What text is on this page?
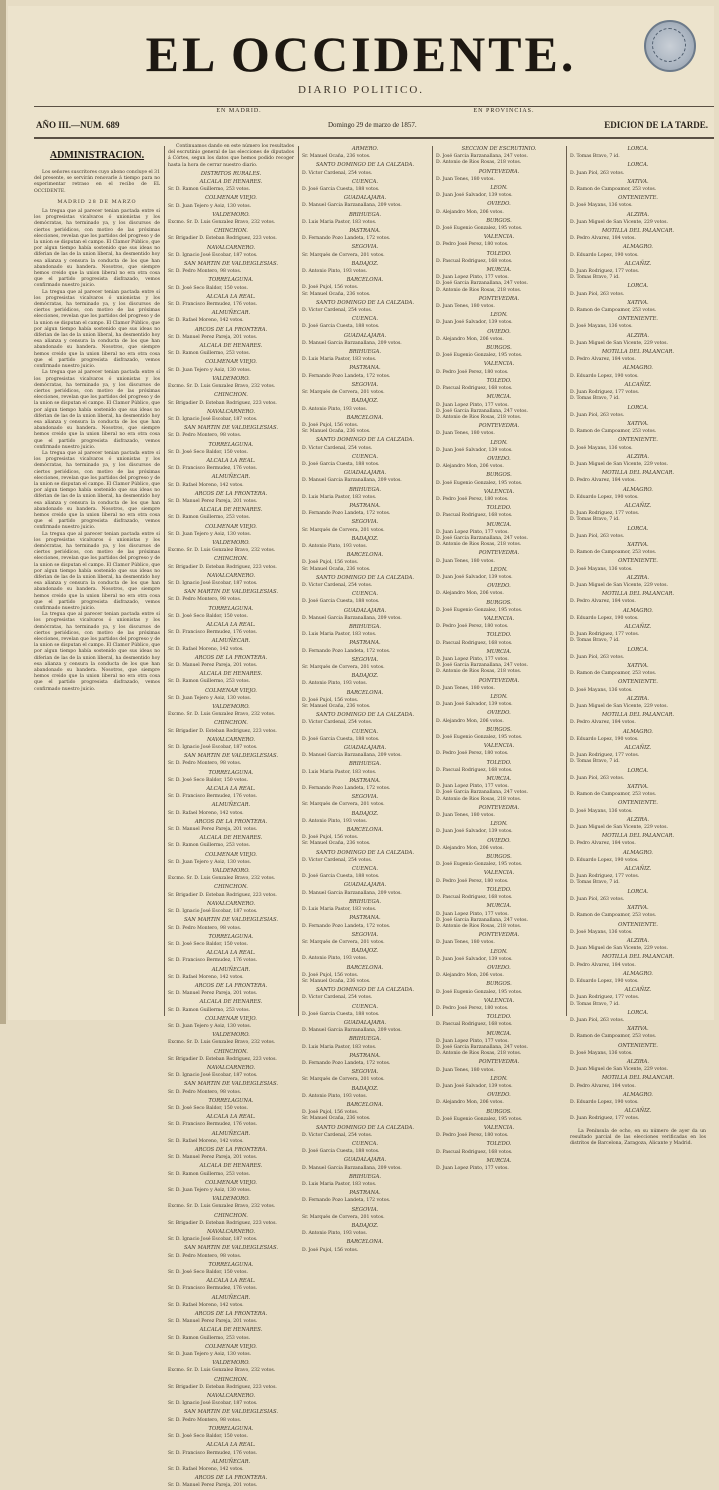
EL OCCIDENTE.
DIARIO POLITICO.
AÑO III.—NUM. 689
EN MADRID.	EN PROVINCIAS.
Domingo 29 de marzo de 1857.	EDICION DE LA TARDE.
ADMINISTRACION.

Los señores suscritores cuyo abono concluye el 31 del presente, se servirán renovarle á tiempo para no experimentar retraso en el recibo de EL OCCIDENTE.

MADRID 28 DE MARZO

La tregua que al parecer tenian pactada entre sí los progresistas vicalvaros ó unionistas y los demócratas, ha terminado ya, y los discursos de ciertos periódicos, con motivo de las próximas elecciones, revelan que los partidos del progreso y de la union se disputan el campo. El Clamor Público, que por algun tiempo había sostenido que sus ideas no diferian de las de la union liberal, ha desmentido hoy esa alianza y censura la conducta de los que han abandonado su bandera. Nosotros, que siempre hemos creido que la union liberal no era otra cosa que el partido progresista disfrazado, vemos confirmado nuestro juicio.

La tregua que al parecer tenian pactada entre sí los progresistas vicalvaros ó unionistas y los demócratas, ha terminado ya, y los discursos de ciertos periódicos, con motivo de las próximas elecciones, revelan que los partidos del progreso y de la union se disputan el campo. El Clamor Público, que por algun tiempo había sostenido que sus ideas no diferian de las de la union liberal, ha desmentido hoy esa alianza y censura la conducta de los que han abandonado su bandera. Nosotros, que siempre hemos creido que la union liberal no era otra cosa que el partido progresista disfrazado, vemos confirmado nuestro juicio.

La tregua que al parecer tenian pactada entre sí los progresistas vicalvaros ó unionistas y los demócratas, ha terminado ya, y los discursos de ciertos periódicos, con motivo de las próximas elecciones, revelan que los partidos del progreso y de la union se disputan el campo. El Clamor Público, que por algun tiempo había sostenido que sus ideas no diferian de las de la union liberal, ha desmentido hoy esa alianza y censura la conducta de los que han abandonado su bandera. Nosotros, que siempre hemos creido que la union liberal no era otra cosa que el partido progresista disfrazado, vemos confirmado nuestro juicio.

La tregua que al parecer tenian pactada entre sí los progresistas vicalvaros ó unionistas y los demócratas, ha terminado ya, y los discursos de ciertos periódicos, con motivo de las próximas elecciones, revelan que los partidos del progreso y de la union se disputan el campo. El Clamor Público, que por algun tiempo había sostenido que sus ideas no diferian de las de la union liberal, ha desmentido hoy esa alianza y censura la conducta de los que han abandonado su bandera. Nosotros, que siempre hemos creido que la union liberal no era otra cosa que el partido progresista disfrazado, vemos confirmado nuestro juicio.

La tregua que al parecer tenian pactada entre sí los progresistas vicalvaros ó unionistas y los demócratas, ha terminado ya, y los discursos de ciertos periódicos, con motivo de las próximas elecciones, revelan que los partidos del progreso y de la union se disputan el campo. El Clamor Público, que por algun tiempo había sostenido que sus ideas no diferian de las de la union liberal, ha desmentido hoy esa alianza y censura la conducta de los que han abandonado su bandera. Nosotros, que siempre hemos creido que la union liberal no era otra cosa que el partido progresista disfrazado, vemos confirmado nuestro juicio.

La tregua que al parecer tenian pactada entre sí los progresistas vicalvaros ó unionistas y los demócratas, ha terminado ya, y los discursos de ciertos periódicos, con motivo de las próximas elecciones, revelan que los partidos del progreso y de la union se disputan el campo. El Clamor Público, que por algun tiempo había sostenido que sus ideas no diferian de las de la union liberal, ha desmentido hoy esa alianza y censura la conducta de los que han abandonado su bandera. Nosotros, que siempre hemos creido que la union liberal no era otra cosa que el partido progresista disfrazado, vemos confirmado nuestro juicio.

Continuamos dando en este número los resultados del escrutinio general de las elecciones de diputados á Córtes, segun los datos que hemos podido recoger hasta la hora de cerrar nuestro diario.

DISTRITOS RURALES.
ALCALA DE HENARES.
Sr. D. Ramon Guillermo, 253 votos.
COLMENAR VIEJO.
Sr. D. Juan Tejero y Aoiz, 130 votos.
VALDEMORO.
Excmo. Sr. D. Luis Gonzalez Bravo, 232 votos.
CHINCHON.
Sr. Brigadier D. Esteban Rodriguez, 223 votos.
NAVALCARNERO.
Sr. D. Ignacio José Escobar, 187 votos.
SAN MARTIN DE VALDEIGLESIAS.
Sr. D. Pedro Montero, 98 votos.
TORRELAGUNA.
Sr. D. José Seco Baldor, 150 votos.
ALCALA LA REAL.
Sr. D. Francisco Bermudez, 176 votos.
ALMUÑECAR.
Sr. D. Rafael Moreno, 142 votos.
ARCOS DE LA FRONTERA.
Sr. D. Manuel Perez Pareja, 201 votos.
ALCALA DE HENARES.
Sr. D. Ramon Guillermo, 253 votos.
COLMENAR VIEJO.
Sr. D. Juan Tejero y Aoiz, 130 votos.
VALDEMORO.
Excmo. Sr. D. Luis Gonzalez Bravo, 232 votos.
CHINCHON.
Sr. Brigadier D. Esteban Rodriguez, 223 votos.
NAVALCARNERO.
Sr. D. Ignacio José Escobar, 187 votos.
SAN MARTIN DE VALDEIGLESIAS.
Sr. D. Pedro Montero, 98 votos.
TORRELAGUNA.
Sr. D. José Seco Baldor, 150 votos.
ALCALA LA REAL.
Sr. D. Francisco Bermudez, 176 votos.
ALMUÑECAR.
Sr. D. Rafael Moreno, 142 votos.
ARCOS DE LA FRONTERA.
Sr. D. Manuel Perez Pareja, 201 votos.
ALCALA DE HENARES.
Sr. D. Ramon Guillermo, 253 votos.
COLMENAR VIEJO.
Sr. D. Juan Tejero y Aoiz, 130 votos.
VALDEMORO.
Excmo. Sr. D. Luis Gonzalez Bravo, 232 votos.
CHINCHON.
Sr. Brigadier D. Esteban Rodriguez, 223 votos.
NAVALCARNERO.
Sr. D. Ignacio José Escobar, 187 votos.
SAN MARTIN DE VALDEIGLESIAS.
Sr. D. Pedro Montero, 98 votos.
TORRELAGUNA.
Sr. D. José Seco Baldor, 150 votos.
ALCALA LA REAL.
Sr. D. Francisco Bermudez, 176 votos.
ALMUÑECAR.
Sr. D. Rafael Moreno, 142 votos.
ARCOS DE LA FRONTERA.
Sr. D. Manuel Perez Pareja, 201 votos.
ALCALA DE HENARES.
Sr. D. Ramon Guillermo, 253 votos.
COLMENAR VIEJO.
Sr. D. Juan Tejero y Aoiz, 130 votos.
VALDEMORO.
Excmo. Sr. D. Luis Gonzalez Bravo, 232 votos.
CHINCHON.
Sr. Brigadier D. Esteban Rodriguez, 223 votos.
NAVALCARNERO.
Sr. D. Ignacio José Escobar, 187 votos.
SAN MARTIN DE VALDEIGLESIAS.
Sr. D. Pedro Montero, 98 votos.
TORRELAGUNA.
Sr. D. José Seco Baldor, 150 votos.
ALCALA LA REAL.
Sr. D. Francisco Bermudez, 176 votos.
ALMUÑECAR.
Sr. D. Rafael Moreno, 142 votos.
ARCOS DE LA FRONTERA.
Sr. D. Manuel Perez Pareja, 201 votos.
ALCALA DE HENARES.
Sr. D. Ramon Guillermo, 253 votos.
COLMENAR VIEJO.
Sr. D. Juan Tejero y Aoiz, 130 votos.
VALDEMORO.
Excmo. Sr. D. Luis Gonzalez Bravo, 232 votos.
CHINCHON.
Sr. Brigadier D. Esteban Rodriguez, 223 votos.
NAVALCARNERO.
Sr. D. Ignacio José Escobar, 187 votos.
SAN MARTIN DE VALDEIGLESIAS.
Sr. D. Pedro Montero, 98 votos.
TORRELAGUNA.
Sr. D. José Seco Baldor, 150 votos.
ALCALA LA REAL.
Sr. D. Francisco Bermudez, 176 votos.
ALMUÑECAR.
Sr. D. Rafael Moreno, 142 votos.
ARCOS DE LA FRONTERA.
Sr. D. Manuel Perez Pareja, 201 votos.
ALCALA DE HENARES.
Sr. D. Ramon Guillermo, 253 votos.
COLMENAR VIEJO.
Sr. D. Juan Tejero y Aoiz, 130 votos.
VALDEMORO.
Excmo. Sr. D. Luis Gonzalez Bravo, 232 votos.
CHINCHON.
Sr. Brigadier D. Esteban Rodriguez, 223 votos.
NAVALCARNERO.
Sr. D. Ignacio José Escobar, 187 votos.
SAN MARTIN DE VALDEIGLESIAS.
Sr. D. Pedro Montero, 98 votos.
TORRELAGUNA.
Sr. D. José Seco Baldor, 150 votos.
ALCALA LA REAL.
Sr. D. Francisco Bermudez, 176 votos.
ALMUÑECAR.
Sr. D. Rafael Moreno, 142 votos.
ARCOS DE LA FRONTERA.
Sr. D. Manuel Perez Pareja, 201 votos.
ALCALA DE HENARES.
Sr. D. Ramon Guillermo, 253 votos.
COLMENAR VIEJO.
Sr. D. Juan Tejero y Aoiz, 130 votos.
VALDEMORO.
Excmo. Sr. D. Luis Gonzalez Bravo, 232 votos.
CHINCHON.
Sr. Brigadier D. Esteban Rodriguez, 223 votos.
NAVALCARNERO.
Sr. D. Ignacio José Escobar, 187 votos.
SAN MARTIN DE VALDEIGLESIAS.
Sr. D. Pedro Montero, 98 votos.
TORRELAGUNA.
Sr. D. José Seco Baldor, 150 votos.
ALCALA LA REAL.
Sr. D. Francisco Bermudez, 176 votos.
ALMUÑECAR.
Sr. D. Rafael Moreno, 142 votos.
ARCOS DE LA FRONTERA.
Sr. D. Manuel Perez Pareja, 201 votos.
ALCALA DE HENARES.
Sr. D. Ramon Guillermo, 253 votos.
COLMENAR VIEJO.
Sr. D. Juan Tejero y Aoiz, 130 votos.
VALDEMORO.
Excmo. Sr. D. Luis Gonzalez Bravo, 232 votos.
CHINCHON.
Sr. Brigadier D. Esteban Rodriguez, 223 votos.
NAVALCARNERO.
Sr. D. Ignacio José Escobar, 187 votos.
SAN MARTIN DE VALDEIGLESIAS.
Sr. D. Pedro Montero, 98 votos.
TORRELAGUNA.
Sr. D. José Seco Baldor, 150 votos.
ALCALA LA REAL.
Sr. D. Francisco Bermudez, 176 votos.
ALMUÑECAR.
Sr. D. Rafael Moreno, 142 votos.
ARCOS DE LA FRONTERA.
Sr. D. Manuel Perez Pareja, 201 votos.
ARMERO.
Sr. Manuel Ocaña, 236 votos.
SANTO DOMINGO DE LA CALZADA.
D. Victor Cardenal, 254 votos.
CUENCA.
D. José Garcia Cuesta, 188 votos.
GUADALAJARA.
D. Manuel Garcia Barzanallana, 209 votos.
BRIHUEGA.
D. Luis Maria Pastor, 183 votos.
PASTRANA.
D. Fernando Pozo Landeta, 172 votos.
SEGOVIA.
Sr. Marqués de Corvera, 201 votos.
BADAJOZ.
D. Antonio Pinto, 193 votos.
BARCELONA.
D. José Pujol, 156 votos.
Sr. Manuel Ocaña, 236 votos.
SANTO DOMINGO DE LA CALZADA.
D. Victor Cardenal, 254 votos.
CUENCA.
D. José Garcia Cuesta, 188 votos.
GUADALAJARA.
D. Manuel Garcia Barzanallana, 209 votos.
BRIHUEGA.
D. Luis Maria Pastor, 183 votos.
PASTRANA.
D. Fernando Pozo Landeta, 172 votos.
SEGOVIA.
Sr. Marqués de Corvera, 201 votos.
BADAJOZ.
D. Antonio Pinto, 193 votos.
BARCELONA.
D. José Pujol, 156 votos.
Sr. Manuel Ocaña, 236 votos.
SANTO DOMINGO DE LA CALZADA.
D. Victor Cardenal, 254 votos.
CUENCA.
D. José Garcia Cuesta, 188 votos.
GUADALAJARA.
D. Manuel Garcia Barzanallana, 209 votos.
BRIHUEGA.
D. Luis Maria Pastor, 183 votos.
PASTRANA.
D. Fernando Pozo Landeta, 172 votos.
SEGOVIA.
Sr. Marqués de Corvera, 201 votos.
BADAJOZ.
D. Antonio Pinto, 193 votos.
BARCELONA.
D. José Pujol, 156 votos.
Sr. Manuel Ocaña, 236 votos.
SANTO DOMINGO DE LA CALZADA.
D. Victor Cardenal, 254 votos.
CUENCA.
D. José Garcia Cuesta, 188 votos.
GUADALAJARA.
D. Manuel Garcia Barzanallana, 209 votos.
BRIHUEGA.
D. Luis Maria Pastor, 183 votos.
PASTRANA.
D. Fernando Pozo Landeta, 172 votos.
SEGOVIA.
Sr. Marqués de Corvera, 201 votos.
BADAJOZ.
D. Antonio Pinto, 193 votos.
BARCELONA.
D. José Pujol, 156 votos.
Sr. Manuel Ocaña, 236 votos.
SANTO DOMINGO DE LA CALZADA.
D. Victor Cardenal, 254 votos.
CUENCA.
D. José Garcia Cuesta, 188 votos.
GUADALAJARA.
D. Manuel Garcia Barzanallana, 209 votos.
BRIHUEGA.
D. Luis Maria Pastor, 183 votos.
PASTRANA.
D. Fernando Pozo Landeta, 172 votos.
SEGOVIA.
Sr. Marqués de Corvera, 201 votos.
BADAJOZ.
D. Antonio Pinto, 193 votos.
BARCELONA.
D. José Pujol, 156 votos.
Sr. Manuel Ocaña, 236 votos.
SANTO DOMINGO DE LA CALZADA.
D. Victor Cardenal, 254 votos.
CUENCA.
D. José Garcia Cuesta, 188 votos.
GUADALAJARA.
D. Manuel Garcia Barzanallana, 209 votos.
BRIHUEGA.
D. Luis Maria Pastor, 183 votos.
PASTRANA.
D. Fernando Pozo Landeta, 172 votos.
SEGOVIA.
Sr. Marqués de Corvera, 201 votos.
BADAJOZ.
D. Antonio Pinto, 193 votos.
BARCELONA.
D. José Pujol, 156 votos.
Sr. Manuel Ocaña, 236 votos.
SANTO DOMINGO DE LA CALZADA.
D. Victor Cardenal, 254 votos.
CUENCA.
D. José Garcia Cuesta, 188 votos.
GUADALAJARA.
D. Manuel Garcia Barzanallana, 209 votos.
BRIHUEGA.
D. Luis Maria Pastor, 183 votos.
PASTRANA.
D. Fernando Pozo Landeta, 172 votos.
SEGOVIA.
Sr. Marqués de Corvera, 201 votos.
BADAJOZ.
D. Antonio Pinto, 193 votos.
BARCELONA.
D. José Pujol, 156 votos.
Sr. Manuel Ocaña, 236 votos.
SANTO DOMINGO DE LA CALZADA.
D. Victor Cardenal, 254 votos.
CUENCA.
D. José Garcia Cuesta, 188 votos.
GUADALAJARA.
D. Manuel Garcia Barzanallana, 209 votos.
BRIHUEGA.
D. Luis Maria Pastor, 183 votos.
PASTRANA.
D. Fernando Pozo Landeta, 172 votos.
SEGOVIA.
Sr. Marqués de Corvera, 201 votos.
BADAJOZ.
D. Antonio Pinto, 193 votos.
BARCELONA.
D. José Pujol, 156 votos.
SECCION DE ESCRUTINIO.
D. José Garcia Barzanallana, 247 votos.
D. Antonio de Rios Rosas, 218 votos.
PONTEVEDRA.
D. Juan Tenes, 180 votos.
LEON.
D. Juan José Salvador, 139 votos.
OVIEDO.
D. Alejandro Mon, 206 votos.
BURGOS.
D. José Eugenio Gonzalez, 195 votos.
VALENCIA.
D. Pedro José Perez, 180 votos.
TOLEDO.
D. Pascual Rodriguez, 168 votos.
MURCIA.
D. Juan Lopez Pinto, 177 votos.
D. José Garcia Barzanallana, 247 votos.
D. Antonio de Rios Rosas, 218 votos.
PONTEVEDRA.
D. Juan Tenes, 180 votos.
LEON.
D. Juan José Salvador, 139 votos.
OVIEDO.
D. Alejandro Mon, 206 votos.
BURGOS.
D. José Eugenio Gonzalez, 195 votos.
VALENCIA.
D. Pedro José Perez, 180 votos.
TOLEDO.
D. Pascual Rodriguez, 168 votos.
MURCIA.
D. Juan Lopez Pinto, 177 votos.
D. José Garcia Barzanallana, 247 votos.
D. Antonio de Rios Rosas, 218 votos.
PONTEVEDRA.
D. Juan Tenes, 180 votos.
LEON.
D. Juan José Salvador, 139 votos.
OVIEDO.
D. Alejandro Mon, 206 votos.
BURGOS.
D. José Eugenio Gonzalez, 195 votos.
VALENCIA.
D. Pedro José Perez, 180 votos.
TOLEDO.
D. Pascual Rodriguez, 168 votos.
MURCIA.
D. Juan Lopez Pinto, 177 votos.
D. José Garcia Barzanallana, 247 votos.
D. Antonio de Rios Rosas, 218 votos.
PONTEVEDRA.
D. Juan Tenes, 180 votos.
LEON.
D. Juan José Salvador, 139 votos.
OVIEDO.
D. Alejandro Mon, 206 votos.
BURGOS.
D. José Eugenio Gonzalez, 195 votos.
VALENCIA.
D. Pedro José Perez, 180 votos.
TOLEDO.
D. Pascual Rodriguez, 168 votos.
MURCIA.
D. Juan Lopez Pinto, 177 votos.
D. José Garcia Barzanallana, 247 votos.
D. Antonio de Rios Rosas, 218 votos.
PONTEVEDRA.
D. Juan Tenes, 180 votos.
LEON.
D. Juan José Salvador, 139 votos.
OVIEDO.
D. Alejandro Mon, 206 votos.
BURGOS.
D. José Eugenio Gonzalez, 195 votos.
VALENCIA.
D. Pedro José Perez, 180 votos.
TOLEDO.
D. Pascual Rodriguez, 168 votos.
MURCIA.
D. Juan Lopez Pinto, 177 votos.
D. José Garcia Barzanallana, 247 votos.
D. Antonio de Rios Rosas, 218 votos.
PONTEVEDRA.
D. Juan Tenes, 180 votos.
LEON.
D. Juan José Salvador, 139 votos.
OVIEDO.
D. Alejandro Mon, 206 votos.
BURGOS.
D. José Eugenio Gonzalez, 195 votos.
VALENCIA.
D. Pedro José Perez, 180 votos.
TOLEDO.
D. Pascual Rodriguez, 168 votos.
MURCIA.
D. Juan Lopez Pinto, 177 votos.
D. José Garcia Barzanallana, 247 votos.
D. Antonio de Rios Rosas, 218 votos.
PONTEVEDRA.
D. Juan Tenes, 180 votos.
LEON.
D. Juan José Salvador, 139 votos.
OVIEDO.
D. Alejandro Mon, 206 votos.
BURGOS.
D. José Eugenio Gonzalez, 195 votos.
VALENCIA.
D. Pedro José Perez, 180 votos.
TOLEDO.
D. Pascual Rodriguez, 168 votos.
MURCIA.
D. Juan Lopez Pinto, 177 votos.
D. José Garcia Barzanallana, 247 votos.
D. Antonio de Rios Rosas, 218 votos.
PONTEVEDRA.
D. Juan Tenes, 180 votos.
LEON.
D. Juan José Salvador, 139 votos.
OVIEDO.
D. Alejandro Mon, 206 votos.
BURGOS.
D. José Eugenio Gonzalez, 195 votos.
VALENCIA.
D. Pedro José Perez, 180 votos.
TOLEDO.
D. Pascual Rodriguez, 168 votos.
MURCIA.
D. Juan Lopez Pinto, 177 votos.
LORCA.
D. Tomas Bravo, 7 id.
LORCA.
D. Juan Piol, 263 votos.
XATIVA.
D. Ramon de Campoamor, 253 votos.
ONTENIENTE.
D. José Mayans, 136 votos.
ALZIRA.
D. Juan Miguel de San Vicente, 229 votos.
MOTILLA DEL PALANCAR.
D. Pedro Alvarez, 184 votos.
ALMAGRO.
D. Eduardo Lopez, 190 votos.
ALCAÑIZ.
D. Juan Rodriguez, 177 votos.
D. Tomas Bravo, 7 id.
LORCA.
D. Juan Piol, 263 votos.
XATIVA.
D. Ramon de Campoamor, 253 votos.
ONTENIENTE.
D. José Mayans, 136 votos.
ALZIRA.
D. Juan Miguel de San Vicente, 229 votos.
MOTILLA DEL PALANCAR.
D. Pedro Alvarez, 184 votos.
ALMAGRO.
D. Eduardo Lopez, 190 votos.
ALCAÑIZ.
D. Juan Rodriguez, 177 votos.
D. Tomas Bravo, 7 id.
LORCA.
D. Juan Piol, 263 votos.
XATIVA.
D. Ramon de Campoamor, 253 votos.
ONTENIENTE.
D. José Mayans, 136 votos.
ALZIRA.
D. Juan Miguel de San Vicente, 229 votos.
MOTILLA DEL PALANCAR.
D. Pedro Alvarez, 184 votos.
ALMAGRO.
D. Eduardo Lopez, 190 votos.
ALCAÑIZ.
D. Juan Rodriguez, 177 votos.
D. Tomas Bravo, 7 id.
LORCA.
D. Juan Piol, 263 votos.
XATIVA.
D. Ramon de Campoamor, 253 votos.
ONTENIENTE.
D. José Mayans, 136 votos.
ALZIRA.
D. Juan Miguel de San Vicente, 229 votos.
MOTILLA DEL PALANCAR.
D. Pedro Alvarez, 184 votos.
ALMAGRO.
D. Eduardo Lopez, 190 votos.
ALCAÑIZ.
D. Juan Rodriguez, 177 votos.
D. Tomas Bravo, 7 id.
LORCA.
D. Juan Piol, 263 votos.
XATIVA.
D. Ramon de Campoamor, 253 votos.
ONTENIENTE.
D. José Mayans, 136 votos.
ALZIRA.
D. Juan Miguel de San Vicente, 229 votos.
MOTILLA DEL PALANCAR.
D. Pedro Alvarez, 184 votos.
ALMAGRO.
D. Eduardo Lopez, 190 votos.
ALCAÑIZ.
D. Juan Rodriguez, 177 votos.
D. Tomas Bravo, 7 id.
LORCA.
D. Juan Piol, 263 votos.
XATIVA.
D. Ramon de Campoamor, 253 votos.
ONTENIENTE.
D. José Mayans, 136 votos.
ALZIRA.
D. Juan Miguel de San Vicente, 229 votos.
MOTILLA DEL PALANCAR.
D. Pedro Alvarez, 184 votos.
ALMAGRO.
D. Eduardo Lopez, 190 votos.
ALCAÑIZ.
D. Juan Rodriguez, 177 votos.
D. Tomas Bravo, 7 id.
LORCA.
D. Juan Piol, 263 votos.
XATIVA.
D. Ramon de Campoamor, 253 votos.
ONTENIENTE.
D. José Mayans, 136 votos.
ALZIRA.
D. Juan Miguel de San Vicente, 229 votos.
MOTILLA DEL PALANCAR.
D. Pedro Alvarez, 184 votos.
ALMAGRO.
D. Eduardo Lopez, 190 votos.
ALCAÑIZ.
D. Juan Rodriguez, 177 votos.
D. Tomas Bravo, 7 id.
LORCA.
D. Juan Piol, 263 votos.
XATIVA.
D. Ramon de Campoamor, 253 votos.
ONTENIENTE.
D. José Mayans, 136 votos.
ALZIRA.
D. Juan Miguel de San Vicente, 229 votos.
MOTILLA DEL PALANCAR.
D. Pedro Alvarez, 184 votos.
ALMAGRO.
D. Eduardo Lopez, 190 votos.
ALCAÑIZ.
D. Juan Rodriguez, 177 votos.

La Península de ocho, en su número de ayer da un resultado parcial de las elecciones verificadas en los distritos de Barcelona, Zaragoza, Alicante y Madrid.
